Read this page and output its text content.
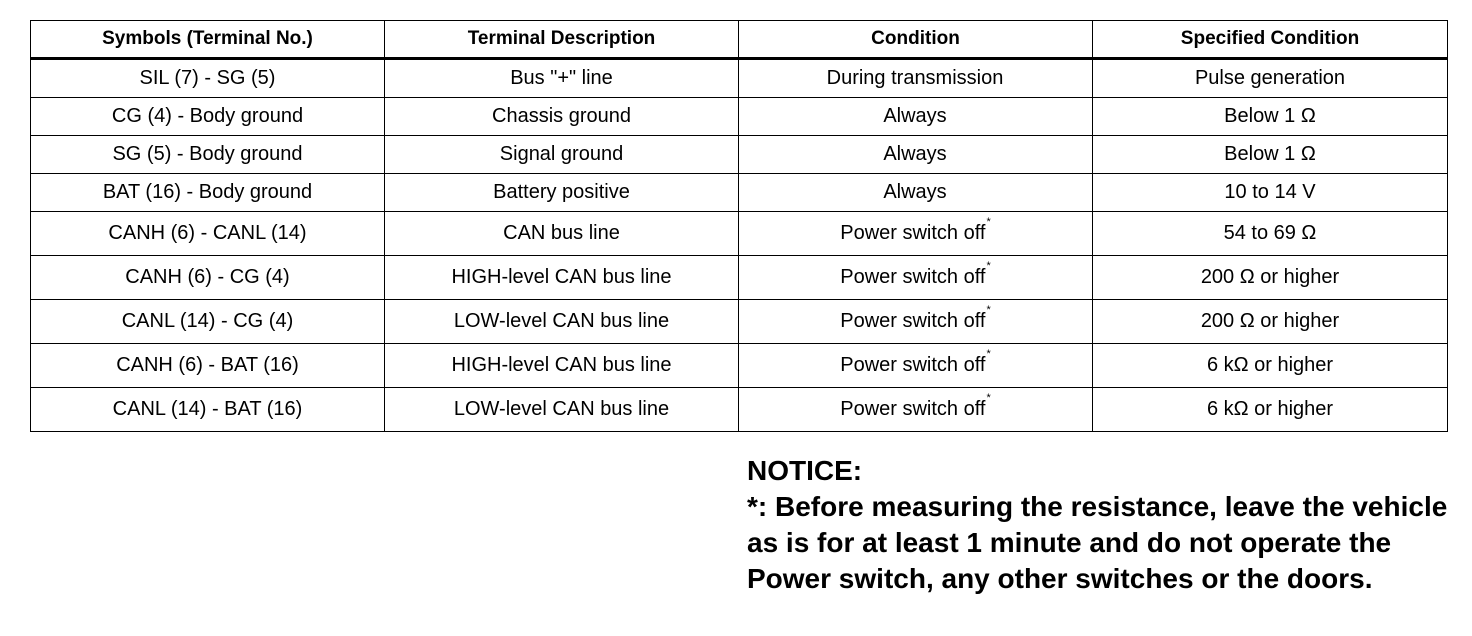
Symbols (Terminal No.)	Terminal Description	Condition	Specified Condition
SIL (7) - SG (5)	Bus "+" line	During transmission	Pulse generation
CG (4) - Body ground	Chassis ground	Always	Below 1 Ω
SG (5) - Body ground	Signal ground	Always	Below 1 Ω
BAT (16) - Body ground	Battery positive	Always	10 to 14 V
CANH (6) - CANL (14)	CAN bus line	Power switch off*	54 to 69 Ω
CANH (6) - CG (4)	HIGH-level CAN bus line	Power switch off*	200 Ω or higher
CANL (14) - CG (4)	LOW-level CAN bus line	Power switch off*	200 Ω or higher
CANH (6) - BAT (16)	HIGH-level CAN bus line	Power switch off*	6 kΩ or higher
CANL (14) - BAT (16)	LOW-level CAN bus line	Power switch off*	6 kΩ or higher
NOTICE:
*: Before measuring the resistance, leave the vehicle as is for at least 1 minute and do not operate the Power switch, any other switches or the doors.
